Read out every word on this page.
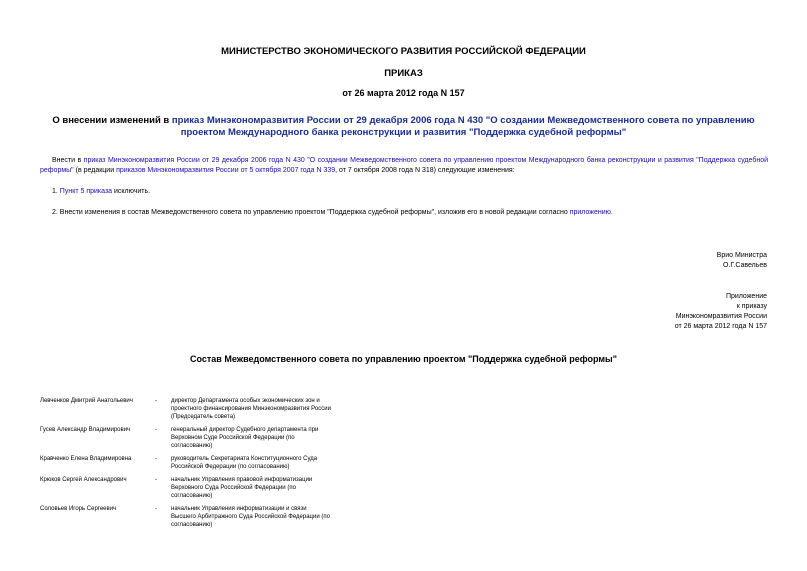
МИНИСТЕРСТВО ЭКОНОМИЧЕСКОГО РАЗВИТИЯ РОССИЙСКОЙ ФЕДЕРАЦИИ
ПРИКАЗ
от 26 марта 2012 года N 157
О внесении изменений в приказ Минэкономразвития России от 29 декабря 2006 года N 430 "О создании Межведомственного совета по управлению проектом Международного банка реконструкции и развития "Поддержка судебной реформы"
Внести в приказ Минэкономразвития России от 29 декабря 2006 года N 430 "О создании Межведомственного совета по управлению проектом Международного банка реконструкции и развития "Поддержка судебной реформы" (в редакции приказов Минэкономразвития России от 5 октября 2007 года N 339, от 7 октября 2008 года N 318) следующие изменения:
1. Пункт 5 приказа исключить.
2. Внести изменения в состав Межведомственного совета по управлению проектом "Поддержка судебной реформы", изложив его в новой редакции согласно приложению.
Врио Министра
О.Г.Савельев
Приложение
к приказу
Минэкономразвития России
от 26 марта 2012 года N 157
Состав Межведомственного совета по управлению проектом "Поддержка судебной реформы"
Левченков Дмитрий Анатольевич	-	директор Департамента особых экономических зон и проектного финансирования Минэкономразвития России (Председатель совета)
Гусев Александр Владимирович	-	генеральный директор Судебного департамента при Верховном Суде Российской Федерации (по согласованию)
Кравченко Елена Владимировна	-	руководитель Секретариата Конституционного Суда Российской Федерации (по согласованию)
Крюков Сергей Александрович	-	начальник Управления правовой информатизации Верховного Суда Российской Федерации (по согласованию)
Соловьев Игорь Сергеевич	-	начальник Управления информатизации и связи Высшего Арбитражного Суда Российской Федерации (по согласованию)
